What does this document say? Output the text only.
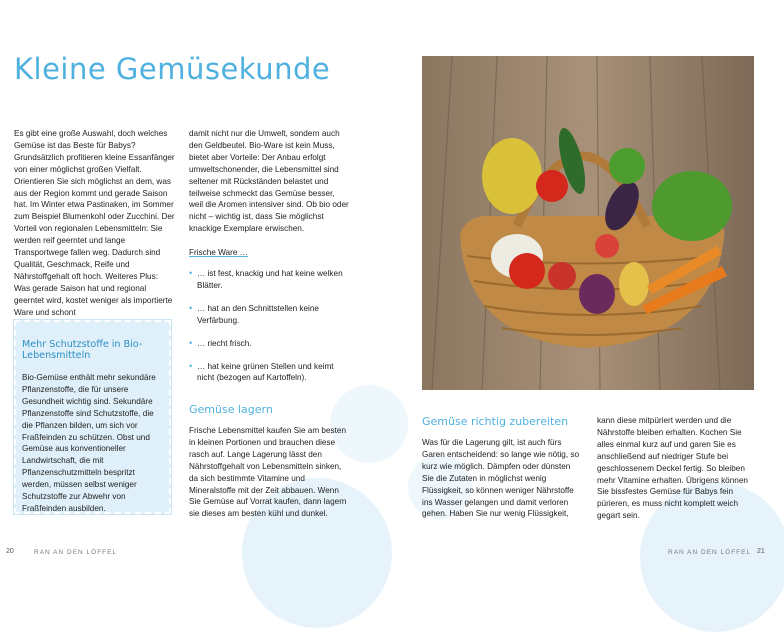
Kleine Gemüsekunde

Es gibt eine große Auswahl, doch welches Gemüse ist das Beste für Babys? Grundsätzlich profitieren kleine Essanfänger von einer möglichst großen Vielfalt. Orientieren Sie sich möglichst an dem, was aus der Region kommt und gerade Saison hat. Im Winter etwa Pastinaken, im Sommer zum Beispiel Blumenkohl oder Zucchini. Der Vorteil von regionalen Lebensmitteln: Sie werden reif geerntet und lange Transportwege fallen weg. Dadurch sind Qualität, Geschmack, Reife und Nährstoffgehalt oft hoch. Weiteres Plus: Was gerade Saison hat und regional geerntet wird, kostet weniger als importierte Ware und schont

damit nicht nur die Umwelt, sondern auch den Geldbeutel. Bio-Ware ist kein Muss, bietet aber Vorteile: Der Anbau erfolgt umweltschonender, die Lebensmittel sind seltener mit Rückständen belastet und teilweise schmeckt das Gemüse besser, weil die Aromen intensiver sind. Ob bio oder nicht – wichtig ist, dass Sie möglichst knackige Exemplare erwischen.

Frische Ware …

• … ist fest, knackig und hat keine welken Blätter.
• … hat an den Schnittstellen keine Verfärbung.
• … riecht frisch.
• … hat keine grünen Stellen und keimt nicht (bezogen auf Kartoffeln).
Mehr Schutzstoffe in Bio-Lebensmitteln
Bio-Gemüse enthält mehr sekundäre Pflanzenstoffe, die für unsere Gesundheit wichtig sind. Sekundäre Pflanzenstoffe sind Schutzstoffe, die die Pflanzen bilden, um sich vor Fraßfeinden zu schützen. Obst und Gemüse aus konventioneller Landwirtschaft, die mit Pflanzenschutzmitteln bespritzt werden, müssen selbst weniger Schutzstoffe zur Abwehr von Fraßfeinden ausbilden.
Gemüse lagern
Frische Lebensmittel kaufen Sie am besten in kleinen Portionen und brauchen diese rasch auf. Lange Lagerung lässt den Nährstoffgehalt von Lebensmitteln sinken, da sich bestimmte Vitamine und Mineralstoffe mit der Zeit abbauen. Wenn Sie Gemüse auf Vorrat kaufen, dann lagern sie dieses am besten kühl und dunkel.
Gemüse richtig zubereiten
Was für die Lagerung gilt, ist auch fürs Garen entscheidend: so lange wie nötig, so kurz wie möglich. Dämpfen oder dünsten Sie die Zutaten in möglichst wenig Flüssigkeit, so können weniger Nährstoffe ins Wasser gelangen und damit verloren gehen. Haben Sie nur wenig Flüssigkeit,
kann diese mitpüriert werden und die Nährstoffe bleiben erhalten. Kochen Sie alles einmal kurz auf und garen Sie es anschließend auf niedriger Stufe bei geschlossenem Deckel fertig. So bleiben mehr Vitamine erhalten. Übrigens können Sie bissfestes Gemüse für Babys fein pürieren, es muss nicht komplett weich gegart sein.
20	RAN AN DEN LÖFFEL	RAN AN DEN LÖFFEL 21
